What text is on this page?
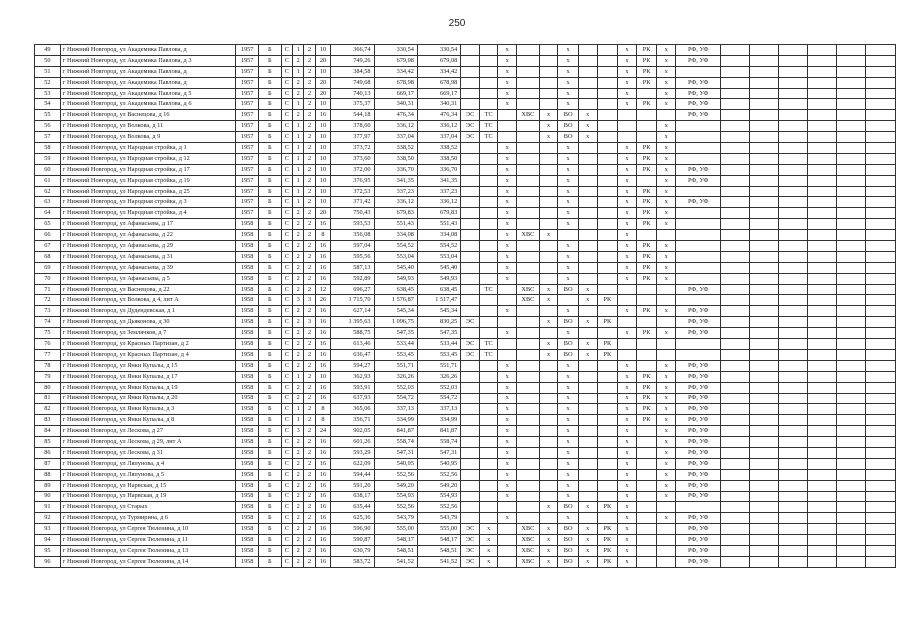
250
49	г Нижний Новгород, ул Академика Павлова, д	1957	Б	С	1	2	10	366,74	330,54	330,54			х			х			х	РК	х	РФ, УФ						
50	г Нижний Новгород, ул Академика Павлова, д 3	1957	Б	С	2	2	20	749,26	679,08	679,08			х			х			х	РК	х	РФ, УФ						
51	г Нижний Новгород, ул Академика Павлова, д	1957	Б	С	1	2	10	384,58	334,42	334,42			х			х			х	РК	х							
52	г Нижний Новгород, ул Академика Павлова, д	1957	Б	С	2	2	20	749,68	678,98	678,98			х			х			х	РК	х	РФ, УФ						
53	г Нижний Новгород, ул Академика Павлова, д 5	1957	Б	С	2	2	20	740,13	669,17	669,17			х			х			х		х	РФ, УФ						
54	г Нижний Новгород, ул Академика Павлова, д 6	1957	Б	С	1	2	10	375,37	340,31	340,31			х			х			х	РК	х	РФ, УФ						
55	г Нижний Новгород, ул Васнецова, д 16	1957	Б	С	2	2	16	544,18	476,34	476,34	ЭС	ТС		ХВС	х	ВО	х					РФ, УФ						
56	г Нижний Новгород, ул Волкова, д 11	1957	Б	С	1	2	10	378,60	336,12	336,12	ЭС	ТС			х	ВО	х				х							
57	г Нижний Новгород, ул Волкова, д 9	1957	Б	С	1	2	10	377,97	337,04	337,04	ЭС	ТС			х	ВО	х				х							
58	г Нижний Новгород, ул Народная стройка, д 1	1957	Б	С	1	2	10	373,72	338,52	338,52			х			х			х	РК	х							
59	г Нижний Новгород, ул Народная стройка, д 12	1957	Б	С	1	2	10	373,60	338,50	338,50			х			х			х	РК	х							
60	г Нижний Новгород, ул Народная стройка, д 17	1957	Б	С	1	2	10	372,00	336,70	336,70			х			х			х	РК	х	РФ, УФ						
61	г Нижний Новгород, ул Народная стройка, д 19	1957	Б	С	1	2	10	376,95	341,35	341,35			х			х			х		х	РФ, УФ						
62	г Нижний Новгород, ул Народная стройка, д 25	1957	Б	С	1	2	10	372,53	337,23	337,23			х			х			х	РК	х							
63	г Нижний Новгород, ул Народная стройка, д 3	1957	Б	С	1	2	10	371,42	336,12	336,12			х			х			х	РК	х	РФ, УФ						
64	г Нижний Новгород, ул Народная стройка, д 4	1957	Б	С	2	2	20	750,43	679,83	679,83			х			х			х	РК	х							
65	г Нижний Новгород, ул Афанасьева, д 17	1958	Б	С	2	2	16	593,53	551,43	551,43			х			х			х	РК	х							
66	г Нижний Новгород, ул Афанасьева, д 22	1958	Б	С	2	2	8	356,08	334,08	334,08			х	ХВС	х				х									
67	г Нижний Новгород, ул Афанасьева, д 29	1958	Б	С	2	2	16	597,04	554,52	554,52			х			х			х	РК	х							
68	г Нижний Новгород, ул Афанасьева, д 31	1958	Б	С	2	2	16	595,56	553,04	553,04			х			х			х	РК	х							
69	г Нижний Новгород, ул Афанасьева, д 39	1958	Б	С	2	2	16	587,13	545,40	545,40			х			х			х	РК	х							
70	г Нижний Новгород, ул Афанасьева, д 5	1958	Б	С	2	2	16	592,89	549,93	549,93			х			х			х	РК	х							
71	г Нижний Новгород, ул Васнецова, д 22	1958	Б	С	2	2	12	696,27	638,45	638,45		ТС		ХВС	х	ВО	х					РФ, УФ						
72	г Нижний Новгород, ул Волкова, д 4, лит А	1958	Б	С	3	3	26	1 715,70	1 576,87	1 517,47				ХВС	х		х	РК										
73	г Нижний Новгород, ул Дудендевская, д 1	1958	Б	С	2	2	16	627,14	545,34	545,34			х			х			х	РК	х	РФ, УФ						
74	г Нижний Новгород, ул Дьяконова, д 30	1958	Б	С	2	3	16	1 395,63	1 096,75	830,25	ЭС				х	ВО	х	РК				РФ, УФ						
75	г Нижний Новгород, ул Землячков, д 7	1958	Б	С	2	2	16	588,75	547,35	547,35			х			х			х	РК	х	РФ, УФ						
76	г Нижний Новгород, ул Красных Партизан, д 2	1958	Б	С	2	2	16	613,46	533,44	533,44	ЭС	ТС			х	ВО	х	РК										
77	г Нижний Новгород, ул Красных Партизан, д 4	1958	Б	С	2	2	16	636,47	553,45	553,45	ЭС	ТС			х	ВО	х	РК										
78	г Нижний Новгород, ул Янки Купалы, д 15	1958	Б	С	2	2	16	594,27	551,71	551,71			х			х			х		х	РФ, УФ						
79	г Нижний Новгород, ул Янки Купалы, д 17	1958	Б	С	1	2	10	362,93	326,26	326,26			х			х			х	РК	х	РФ, УФ						
80	г Нижний Новгород, ул Янки Купалы, д 19	1958	Б	С	2	2	16	593,91	552,03	552,03			х			х			х	РК	х	РФ, УФ						
81	г Нижний Новгород, ул Янки Купалы, д 20	1958	Б	С	2	2	16	637,93	554,72	554,72			х			х			х	РК	х	РФ, УФ						
82	г Нижний Новгород, ул Янки Купалы, д 3	1958	Б	С	1	2	8	365,06	337,13	337,13			х			х			х	РК	х	РФ, УФ						
83	г Нижний Новгород, ул Янки Купалы, д 8	1958	Б	С	1	2	8	356,71	334,99	334,99			х			х			х	РК	х	РФ, УФ						
84	г Нижний Новгород, ул Лескова, д 27	1958	Б	С	3	2	24	902,05	841,87	841,87			х			х			х		х	РФ, УФ						
85	г Нижний Новгород, ул Лескова, д 29, лит А	1958	Б	С	2	2	16	601,26	558,74	558,74			х			х			х		х	РФ, УФ						
86	г Нижний Новгород, ул Лескова, д 31	1958	Б	С	2	2	16	593,29	547,31	547,31			х			х			х		х	РФ, УФ						
87	г Нижний Новгород, ул Ляпунова, д 4	1958	Б	С	2	2	16	622,09	540,95	540,95			х			х			х		х	РФ, УФ						
88	г Нижний Новгород, ул Ляпунова, д 5	1958	Б	С	2	2	16	594,44	552,56	552,56			х			х			х		х	РФ, УФ						
89	г Нижний Новгород, ул Нарвская, д 15	1958	Б	С	2	2	16	591,20	549,20	549,20			х			х			х		х	РФ, УФ						
90	г Нижний Новгород, ул Нарвская, д 19	1958	Б	С	2	2	16	638,17	554,93	554,93			х			х			х		х	РФ, УФ						
91	г Нижний Новгород, ул Старых	1958	Б	С	2	2	16	635,44	552,56	552,56					х	ВО	х	РК	х									
92	г Нижний Новгород, ул Турмирина, д 6	1958	Б	С	2	2	16	625,36	543,79	543,79			х			х			х		х	РФ, УФ						
93	г Нижний Новгород, ул Сергея Тюленина, д 10	1958	Б	С	2	2	16	596,90	555,00	555,00	ЭС	х		ХВС	х	ВО	х	РК	х			РФ, УФ						
94	г Нижний Новгород, ул Сергея Тюленина, д 11	1958	Б	С	2	2	16	590,87	548,17	548,17	ЭС	х		ХВС	х	ВО	х	РК	х			РФ, УФ						
95	г Нижний Новгород, ул Сергея Тюленина, д 13	1958	Б	С	2	2	16	630,79	548,51	548,51	ЭС	х		ХВС	х	ВО	х	РК	х			РФ, УФ						
96	г Нижний Новгород, ул Сергея Тюленина, д 14	1958	Б	С	2	2	16	583,72	541,52	541,52	ЭС	х		ХВС	х	ВО	х	РК	х			РФ, УФ						
